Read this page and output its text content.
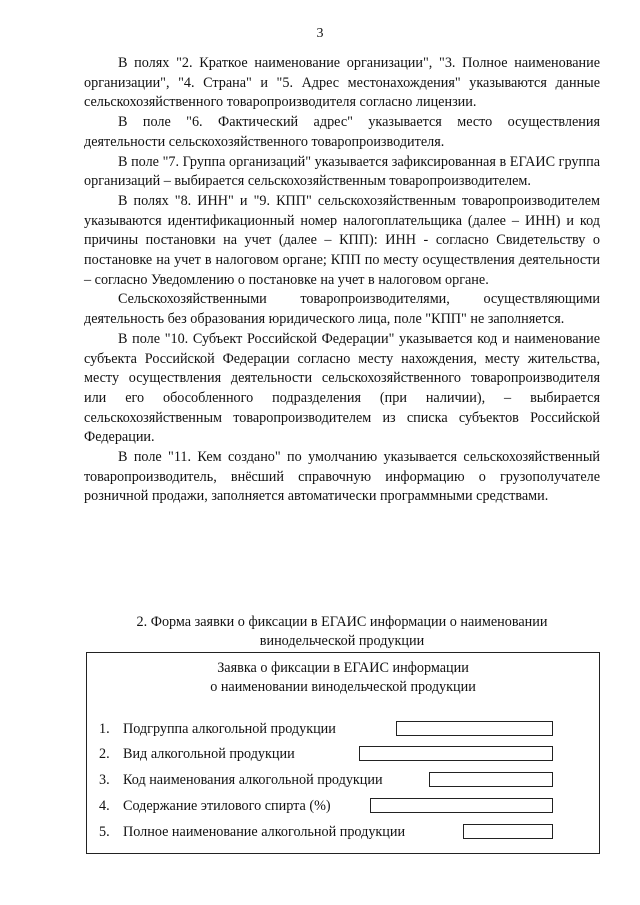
3

В полях "2. Краткое наименование организации", "3. Полное наименование организации", "4. Страна" и "5. Адрес местонахождения" указываются данные сельскохозяйственного товаропроизводителя согласно лицензии.

В поле "6. Фактический адрес" указывается место осуществления деятельности сельскохозяйственного товаропроизводителя.

В поле "7. Группа организаций" указывается зафиксированная в ЕГАИС группа организаций – выбирается сельскохозяйственным товаропроизводителем.

В полях "8. ИНН" и "9. КПП" сельскохозяйственным товаропроизводителем указываются идентификационный номер налогоплательщика (далее – ИНН) и код причины постановки на учет (далее – КПП): ИНН - согласно Свидетельству о постановке на учет в налоговом органе; КПП по месту осуществления деятельности – согласно Уведомлению о постановке на учет в налоговом органе.

Сельскохозяйственными товаропроизводителями, осуществляющими деятельность без образования юридического лица, поле "КПП" не заполняется.

В поле "10. Субъект Российской Федерации" указывается код и наименование субъекта Российской Федерации согласно месту нахождения, месту жительства, месту осуществления деятельности сельскохозяйственного товаропроизводителя или его обособленного подразделения (при наличии), – выбирается сельскохозяйственным товаропроизводителем из списка субъектов Российской Федерации.

В поле "11. Кем создано" по умолчанию указывается сельскохозяйственный товаропроизводитель, внёсший справочную информацию о грузополучателе розничной продажи, заполняется автоматически программными средствами.

2. Форма заявки о фиксации в ЕГАИС информации о наименовании
винодельческой продукции
Заявка о фиксации в ЕГАИС информации
о наименовании винодельческой продукции
1. Подгруппа алкогольной продукции
2. Вид алкогольной продукции
3. Код наименования алкогольной продукции
4. Содержание этилового спирта (%)
5. Полное наименование алкогольной продукции
